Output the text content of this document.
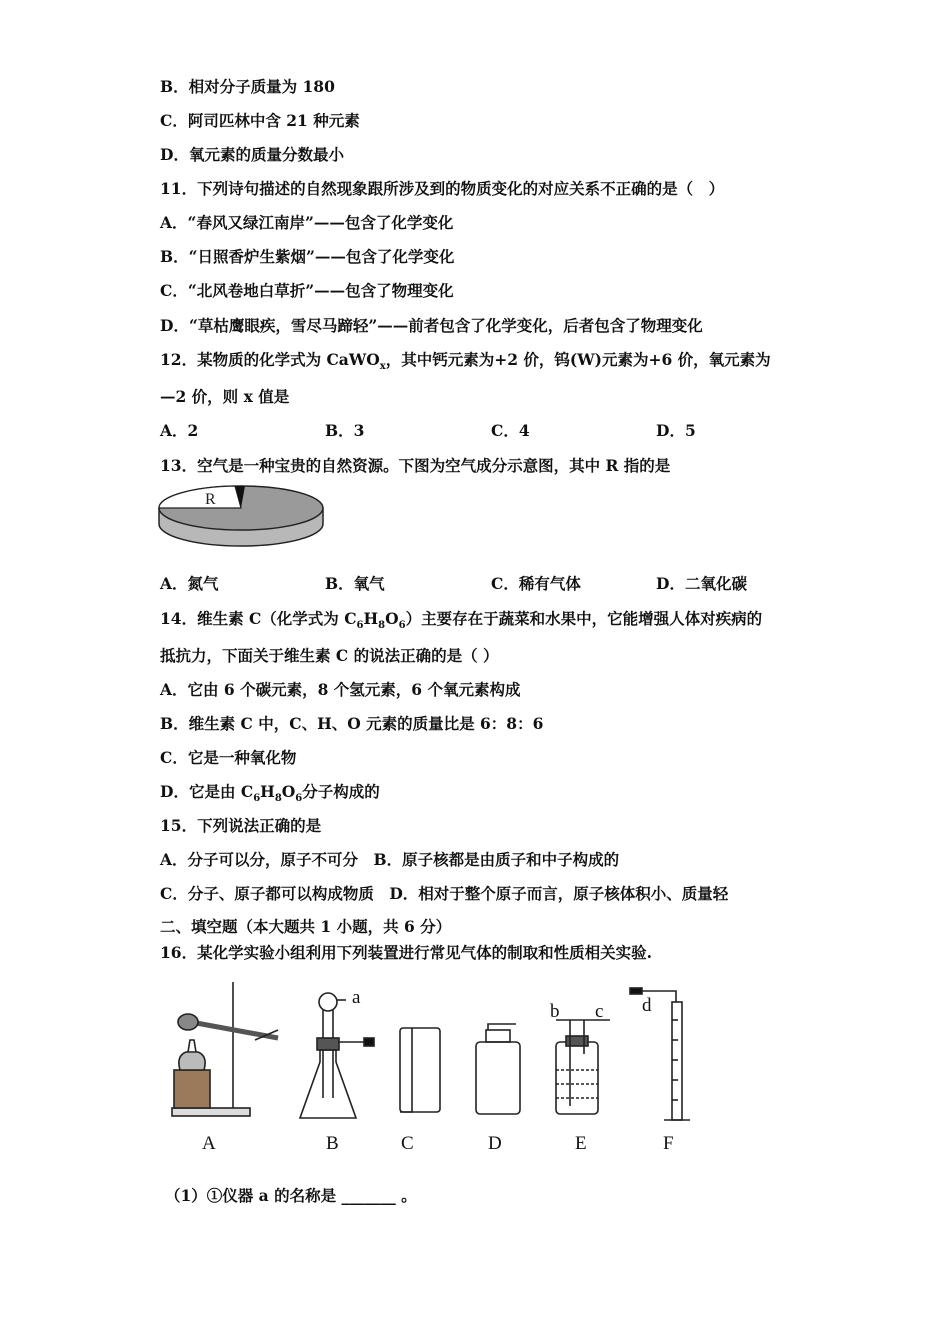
B．相对分子质量为 180
C．阿司匹林中含 21 种元素
D．氧元素的质量分数最小
11．下列诗句描述的自然现象跟所涉及到的物质变化的对应关系不正确的是（　）
A．“春风又绿江南岸”——包含了化学变化
B．“日照香炉生紫烟”——包含了化学变化
C．“北风卷地白草折”——包含了物理变化
D．“草枯鹰眼疾，雪尽马蹄轻”——前者包含了化学变化，后者包含了物理变化
12．某物质的化学式为 CaWO$_x$，其中钙元素为+2 价，钨(W)元素为+6 价，氧元素为
—2 价，则 x 值是
A．2	B．3	C．4	D．5
13．空气是一种宝贵的自然资源。下图为空气成分示意图，其中 R 指的是
R
A．氮气	B．氧气	C．稀有气体	D．二氧化碳
14．维生素 C（化学式为 $C_6H_8O_6$）主要存在于蔬菜和水果中，它能增强人体对疾病的
抵抗力，下面关于维生素 C 的说法正确的是（ ）
A．它由 6 个碳元素，8 个氢元素，6 个氧元素构成
B．维生素 C 中，C、H、O 元素的质量比是 6：8：6
C．它是一种氧化物
D．它是由 $C_6H_8O_6$分子构成的
15．下列说法正确的是
A．分子可以分，原子不可分　B．原子核都是由质子和中子构成的
C．分子、原子都可以构成物质　D．相对于整个原子而言，原子核体积小、质量轻
二、填空题（本大题共 1 小题，共 6 分）
16．某化学实验小组利用下列装置进行常见气体的制取和性质相关实验.
a
b c d
A	B	C	D	E	F
（1）①仪器 a 的名称是 _______ 。
